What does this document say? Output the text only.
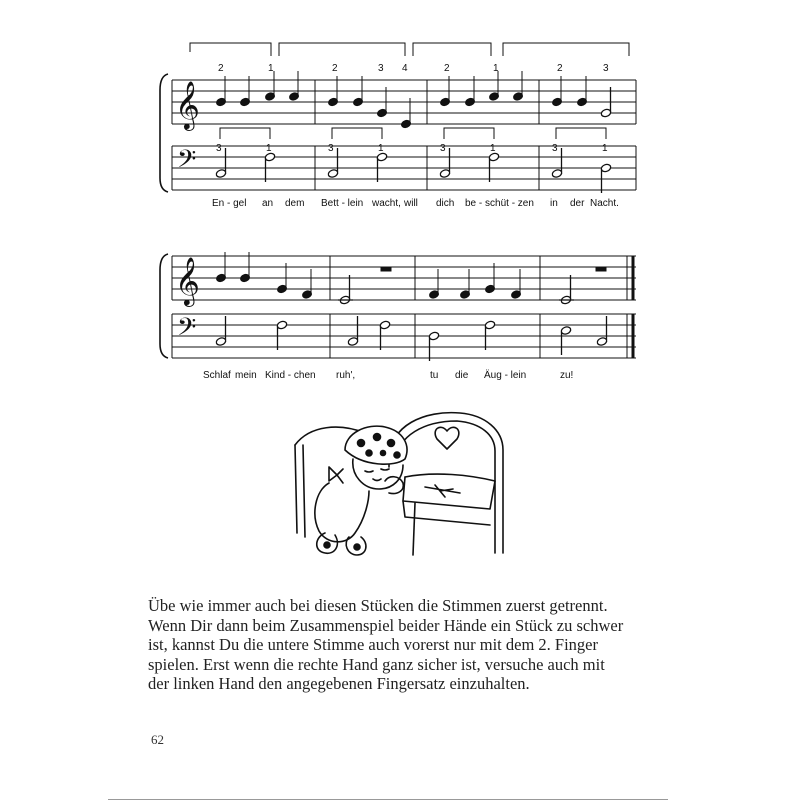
𝄞
𝄢
2	1	2	3 4	2	1	2	3
3	1	3	1	3	1	3	1
En - gel an dem Bett - lein wacht, will dich be - schüt - zen in der Nacht.
𝄞
𝄢
Schlaf mein Kind - chen ruh',	tu die Äug - lein	zu!
Übe wie immer auch bei diesen Stücken die Stimmen zuerst getrennt.
Wenn Dir dann beim Zusammenspiel beider Hände ein Stück zu schwer
ist, kannst Du die untere Stimme auch vorerst nur mit dem 2. Finger
spielen. Erst wenn die rechte Hand ganz sicher ist, versuche auch mit
der linken Hand den angegebenen Fingersatz einzuhalten.
62
